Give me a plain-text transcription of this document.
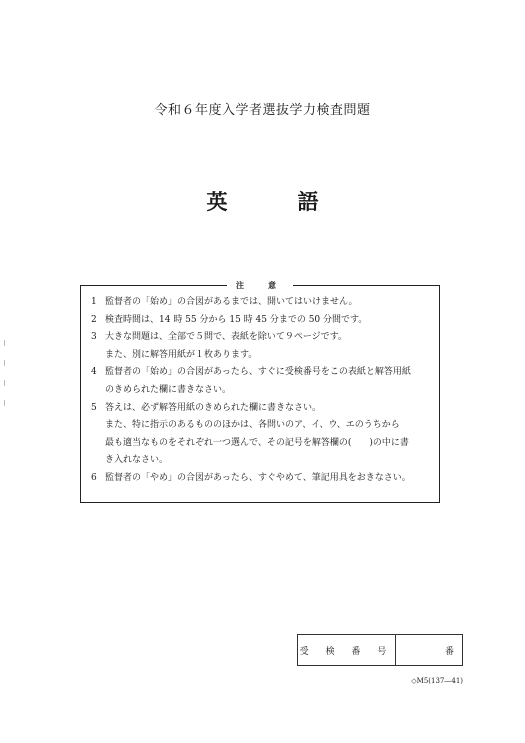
令和６年度入学者選抜学力検査問題
英	語
注　意
1 監督者の「始め」の合図があるまでは、開いてはいけません。
2 検査時間は、14 時 55 分から 15 時 45 分までの 50 分間です。
3 大きな問題は、全部で５問で、表紙を除いて９ページです。
また、別に解答用紙が１枚あります。
4 監督者の「始め」の合図があったら、すぐに受検番号をこの表紙と解答用紙
のきめられた欄に書きなさい。
5 答えは、必ず解答用紙のきめられた欄に書きなさい。
また、特に指示のあるもののほかは、各問いのア、イ、ウ、エのうちから
最も適当なものをそれぞれ一つ選んで、その記号を解答欄の(　　)の中に書
き入れなさい。
6 監督者の「やめ」の合図があったら、すぐやめて、筆記用具をおきなさい。
受 検 番 号	番
◇M5(137―41)
